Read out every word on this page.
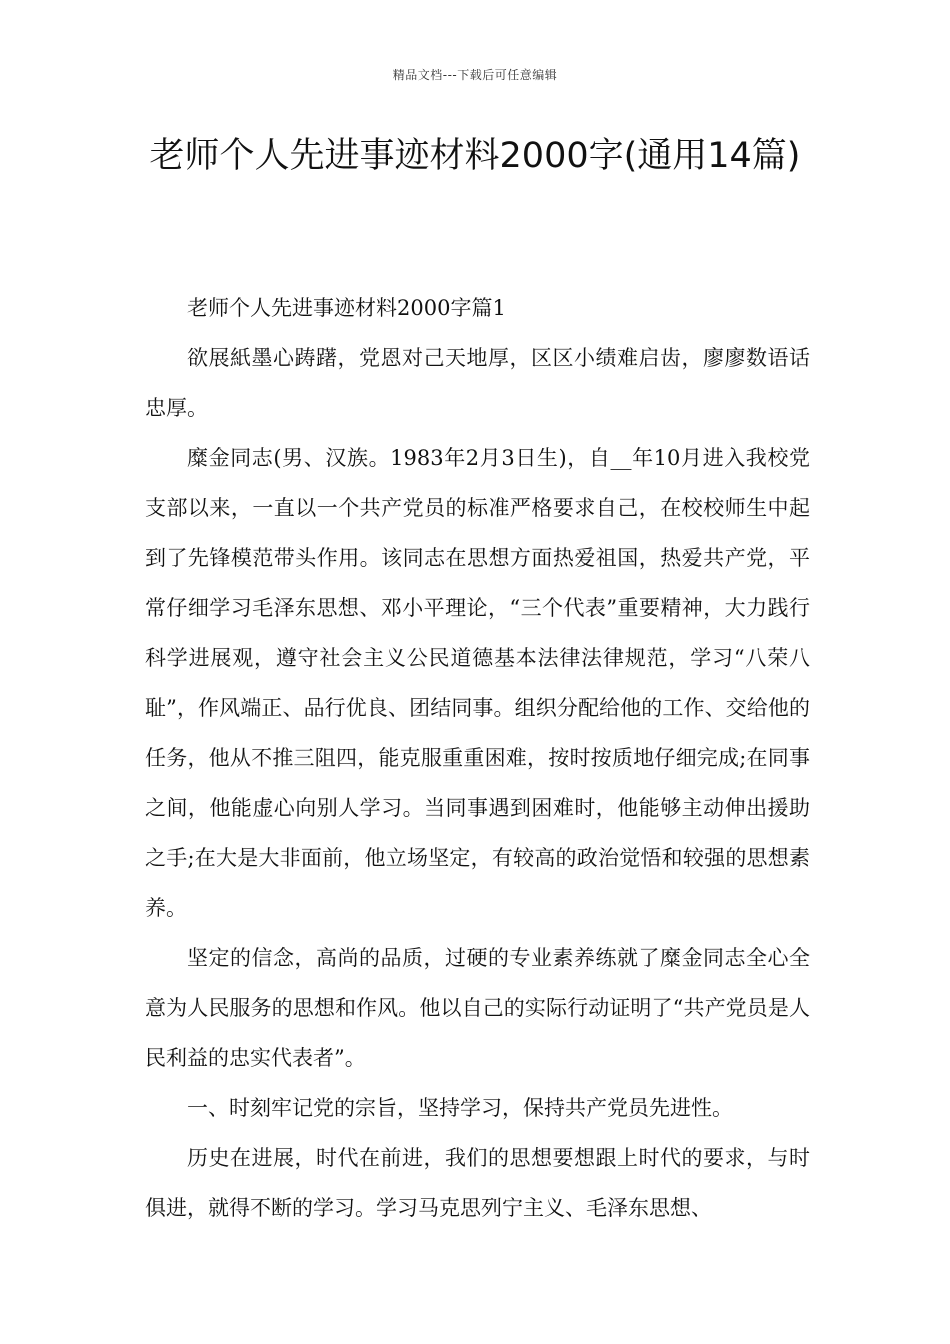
精品文档---下载后可任意编辑
老师个人先进事迹材料2000字(通用14篇)

老师个人先进事迹材料2000字篇1

欲展紙墨心踌躇，党恩对己天地厚，区区小绩难启齿，廖廖数语话忠厚。

糜金同志(男、汉族。1983年2月3日生)，自__年10月进入我校党支部以来，一直以一个共产党员的标准严格要求自己，在校校师生中起到了先锋模范带头作用。该同志在思想方面热爱祖国，热爱共产党，平常仔细学习毛泽东思想、邓小平理论，“三个代表”重要精神，大力践行科学进展观，遵守社会主义公民道德基本法律法律规范，学习“八荣八耻”，作风端正、品行优良、团结同事。组织分配给他的工作、交给他的任务，他从不推三阻四，能克服重重困难，按时按质地仔细完成;在同事之间，他能虚心向别人学习。当同事遇到困难时，他能够主动伸出援助之手;在大是大非面前，他立场坚定，有较高的政治觉悟和较强的思想素养。

坚定的信念，高尚的品质，过硬的专业素养练就了糜金同志全心全意为人民服务的思想和作风。他以自己的实际行动证明了“共产党员是人民利益的忠实代表者”。

一、时刻牢记党的宗旨，坚持学习，保持共产党员先进性。

历史在进展，时代在前进，我们的思想要想跟上时代的要求，与时俱进，就得不断的学习。学习马克思列宁主义、毛泽东思想、
